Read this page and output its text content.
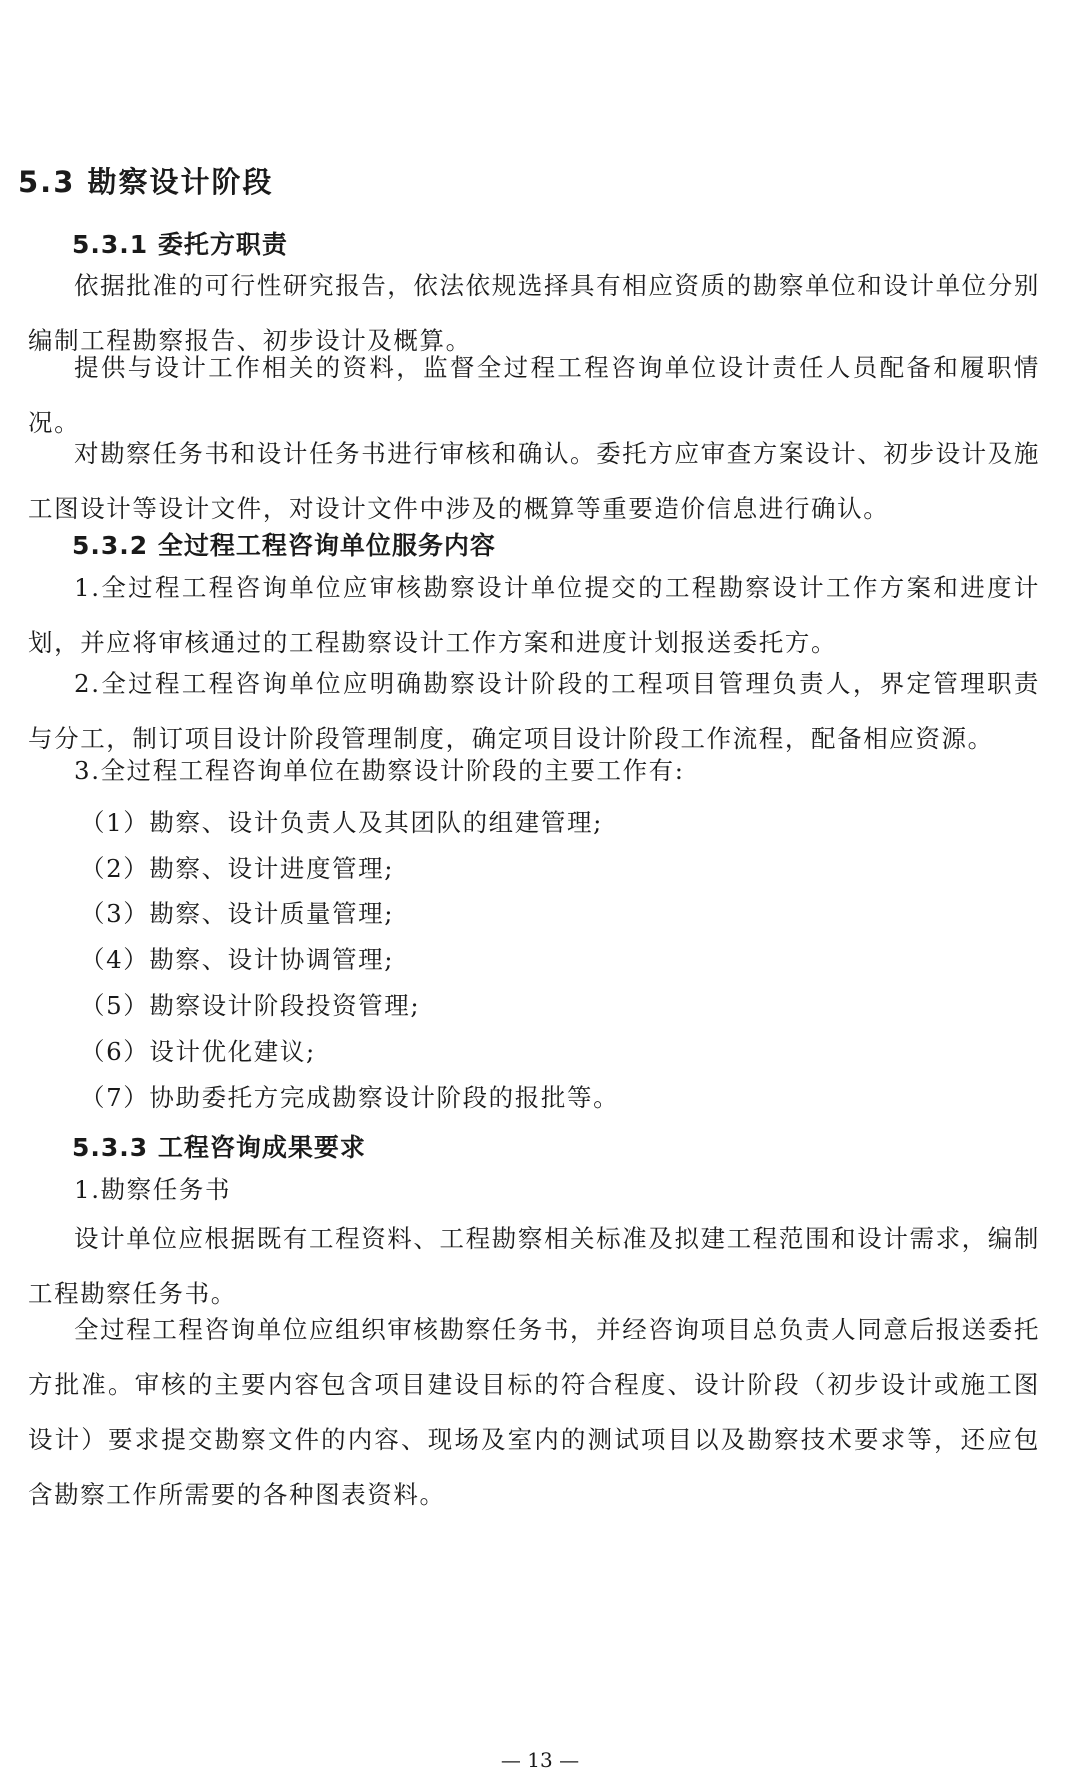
5.3 勘察设计阶段
5.3.1 委托方职责

依据批准的可行性研究报告，依法依规选择具有相应资质的勘察单位和设计单位分别编制工程勘察报告、初步设计及概算。

提供与设计工作相关的资料，监督全过程工程咨询单位设计责任人员配备和履职情况。

对勘察任务书和设计任务书进行审核和确认。委托方应审查方案设计、初步设计及施工图设计等设计文件，对设计文件中涉及的概算等重要造价信息进行确认。

5.3.2 全过程工程咨询单位服务内容

1.全过程工程咨询单位应审核勘察设计单位提交的工程勘察设计工作方案和进度计划，并应将审核通过的工程勘察设计工作方案和进度计划报送委托方。

2.全过程工程咨询单位应明确勘察设计阶段的工程项目管理负责人，界定管理职责与分工，制订项目设计阶段管理制度，确定项目设计阶段工作流程，配备相应资源。

3.全过程工程咨询单位在勘察设计阶段的主要工作有:

（1）勘察、设计负责人及其团队的组建管理;

（2）勘察、设计进度管理;

（3）勘察、设计质量管理;

（4）勘察、设计协调管理;

（5）勘察设计阶段投资管理;

（6）设计优化建议;

（7）协助委托方完成勘察设计阶段的报批等。

5.3.3 工程咨询成果要求

1.勘察任务书

设计单位应根据既有工程资料、工程勘察相关标准及拟建工程范围和设计需求，编制工程勘察任务书。

全过程工程咨询单位应组织审核勘察任务书，并经咨询项目总负责人同意后报送委托方批准。审核的主要内容包含项目建设目标的符合程度、设计阶段（初步设计或施工图设计）要求提交勘察文件的内容、现场及室内的测试项目以及勘察技术要求等，还应包含勘察工作所需要的各种图表资料。

— 13 —
